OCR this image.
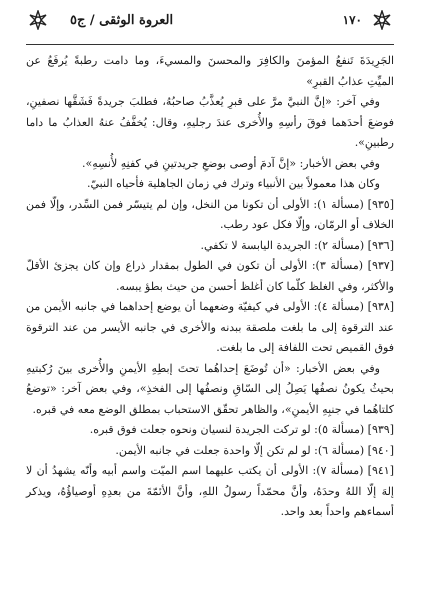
العروة الوثقى / ج٥	١٧٠

الجَرِيدَةَ تَنفعُ المؤمنَ والكافِرَ والمحسنَ والمسيءَ، وما دامت رطبةً يُرفَعُ عن الميِّتِ عذابُ القبرِ»

وفي آخر: «إنَّ النبيَّ مرَّ على قبرِ يُعذَّبُ صاحبُهُ، فطلبَ جريدةً فَشَقَّها نصفينِ، فوضعَ أحدَهما فوقَ رأسِهِ والأُخرى عندَ رجليهِ، وقال: يُخفَّفُ عنهُ العذابُ ما داما رطبينِ».

وفي بعض الأخبار: «إنَّ آدمَ أوصى بوضعِ جريدتينِ في كفنِهِ لأُنسِهِ».

وكان هذا معمولاً بين الأنبياء وترك في زمان الجاهلية فأحياه النبيّ.

[٩٣٥] (مسألة ١): الأولى أن تكونا من النخل، وإن لم يتيسّر فمن السِّدر، وإلّا فمن الخلاف أو الرمّان، وإلّا فكل عود رطب.

[٩٣٦] (مسألة ٢): الجريدة اليابسة لا تكفي.

[٩٣٧] (مسألة ٣): الأولى أن تكون في الطول بمقدار ذراع وإن كان يجزئ الأقلّ والأكثر، وفي الغلظ كلّما كان أغلظ أحسن من حيث بطؤ يبسه.

[٩٣٨] (مسألة ٤): الأولى في كيفيّة وضعهما أن يوضع إحداهما في جانبه الأيمن من عند الترقوة إلى ما بلغت ملصقة ببدنه والأخرى في جانبه الأيسر من عند الترقوة فوق القميص تحت اللفافة إلى ما بلغت.

وفي بعض الأخبار: «أن تُوضَعَ إحداهُما تحتَ إبطِهِ الأيمنِ والأُخرى بينَ رُكبتيهِ بحيثُ يكونُ نصفُها يَصِلُ إلى السّاقِ ونصفُها إلى الفخذِ»، وفي بعض آخر: «توضعُ كلتاهُما في جنبِهِ الأيمنِ»، والظاهر تحقّق الاستحباب بمطلق الوضع معه في قبره.

[٩٣٩] (مسألة ٥): لو تركت الجريدة لنسيان ونحوه جعلت فوق قبره.

[٩٤٠] (مسألة ٦): لو لم تكن إلّا واحدة جعلت في جانبه الأيمن.

[٩٤١] (مسألة ٧): الأولى أن يكتب عليهما اسم الميّت واسم أبيه وأنّه يشهدُ أن لا إلهَ إلّا اللهُ وحدَهُ، وأنَّ محمّداً رسولُ اللهِ، وأنَّ الأئمّةَ من بعدِهِ أوصياؤُهُ، ويذكر أسماءهم واحداً بعد واحد.
